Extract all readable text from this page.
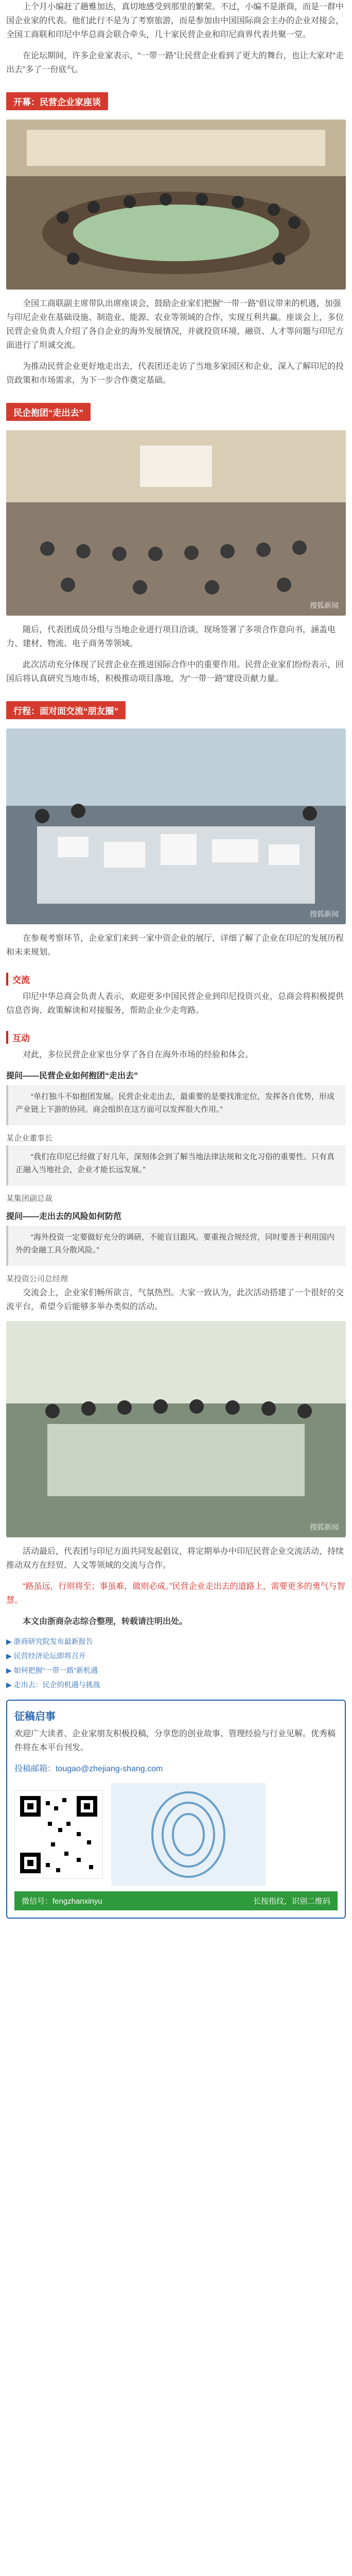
上个月小编赶了趟雅加达，真切地感受到那里的繁荣。不过，小编不是浙商，而是一群中国企业家的代表。他们此行不是为了考察旅游，而是参加由中国国际商会主办的企业对接会，全国工商联和印尼中华总商会联合牵头，几十家民营企业和印尼商界代表共聚一堂。

在论坛期间，许多企业家表示，“一带一路”让民营企业看到了更大的舞台，也让大家对“走出去”多了一份底气。

开幕：民营企业家座谈

全国工商联副主席带队出席座谈会，鼓励企业家们把握“一带一路”倡议带来的机遇，加强与印尼企业在基础设施、制造业、能源、农业等领域的合作，实现互利共赢。座谈会上，多位民营企业负责人介绍了各自企业的海外发展情况，并就投资环境、融资、人才等问题与印尼方面进行了坦诚交流。

为推动民营企业更好地走出去，代表团还走访了当地多家园区和企业，深入了解印尼的投资政策和市场需求，为下一步合作奠定基础。

民企抱团“走出去”
搜狐新闻

随后，代表团成员分组与当地企业进行项目洽谈，现场签署了多项合作意向书，涵盖电力、建材、物流、电子商务等领域。

此次活动充分体现了民营企业在推进国际合作中的重要作用。民营企业家们纷纷表示，回国后将认真研究当地市场，积极推动项目落地，为“一带一路”建设贡献力量。

行程：面对面交流“朋友圈”
搜狐新闻

在参观考察环节，企业家们来到一家中资企业的展厅，详细了解了企业在印尼的发展历程和未来规划。

交流

印尼中华总商会负责人表示，欢迎更多中国民营企业到印尼投资兴业，总商会将积极提供信息咨询、政策解读和对接服务，帮助企业少走弯路。

互动

对此，多位民营企业家也分享了各自在海外市场的经验和体会。

提问——民营企业如何抱团“走出去”

“单打独斗不如抱团发展。民营企业走出去，最重要的是要找准定位，发挥各自优势，形成产业链上下游的协同。商会组织在这方面可以发挥很大作用。”

某企业董事长

“我们在印尼已经做了好几年，深刻体会到了解当地法律法规和文化习俗的重要性。只有真正融入当地社会，企业才能长远发展。”

某集团副总裁
提问——走出去的风险如何防范

“海外投资一定要做好充分的调研，不能盲目跟风。要重视合规经营，同时要善于利用国内外的金融工具分散风险。”

某投资公司总经理

交流会上，企业家们畅所欲言，气氛热烈。大家一致认为，此次活动搭建了一个很好的交流平台，希望今后能够多举办类似的活动。

搜狐新闻

活动最后，代表团与印尼方面共同发起倡议，将定期举办中印尼民营企业交流活动，持续推动双方在经贸、人文等领域的交流与合作。

“路虽远，行则将至；事虽难，做则必成。”民营企业走出去的道路上，需要更多的勇气与智慧。

本文由浙商杂志综合整理，转载请注明出处。

▶ 浙商研究院发布最新报告

▶ 民营经济论坛即将召开

▶ 如何把握“一带一路”新机遇

▶ 走出去：民企的机遇与挑战

征稿启事

欢迎广大读者、企业家朋友积极投稿，分享您的创业故事、管理经验与行业见解。优秀稿件将在本平台刊发。

投稿邮箱：tougao@zhejiang-shang.com

微信号：fengzhanxinyu	长按指纹，识别二维码
